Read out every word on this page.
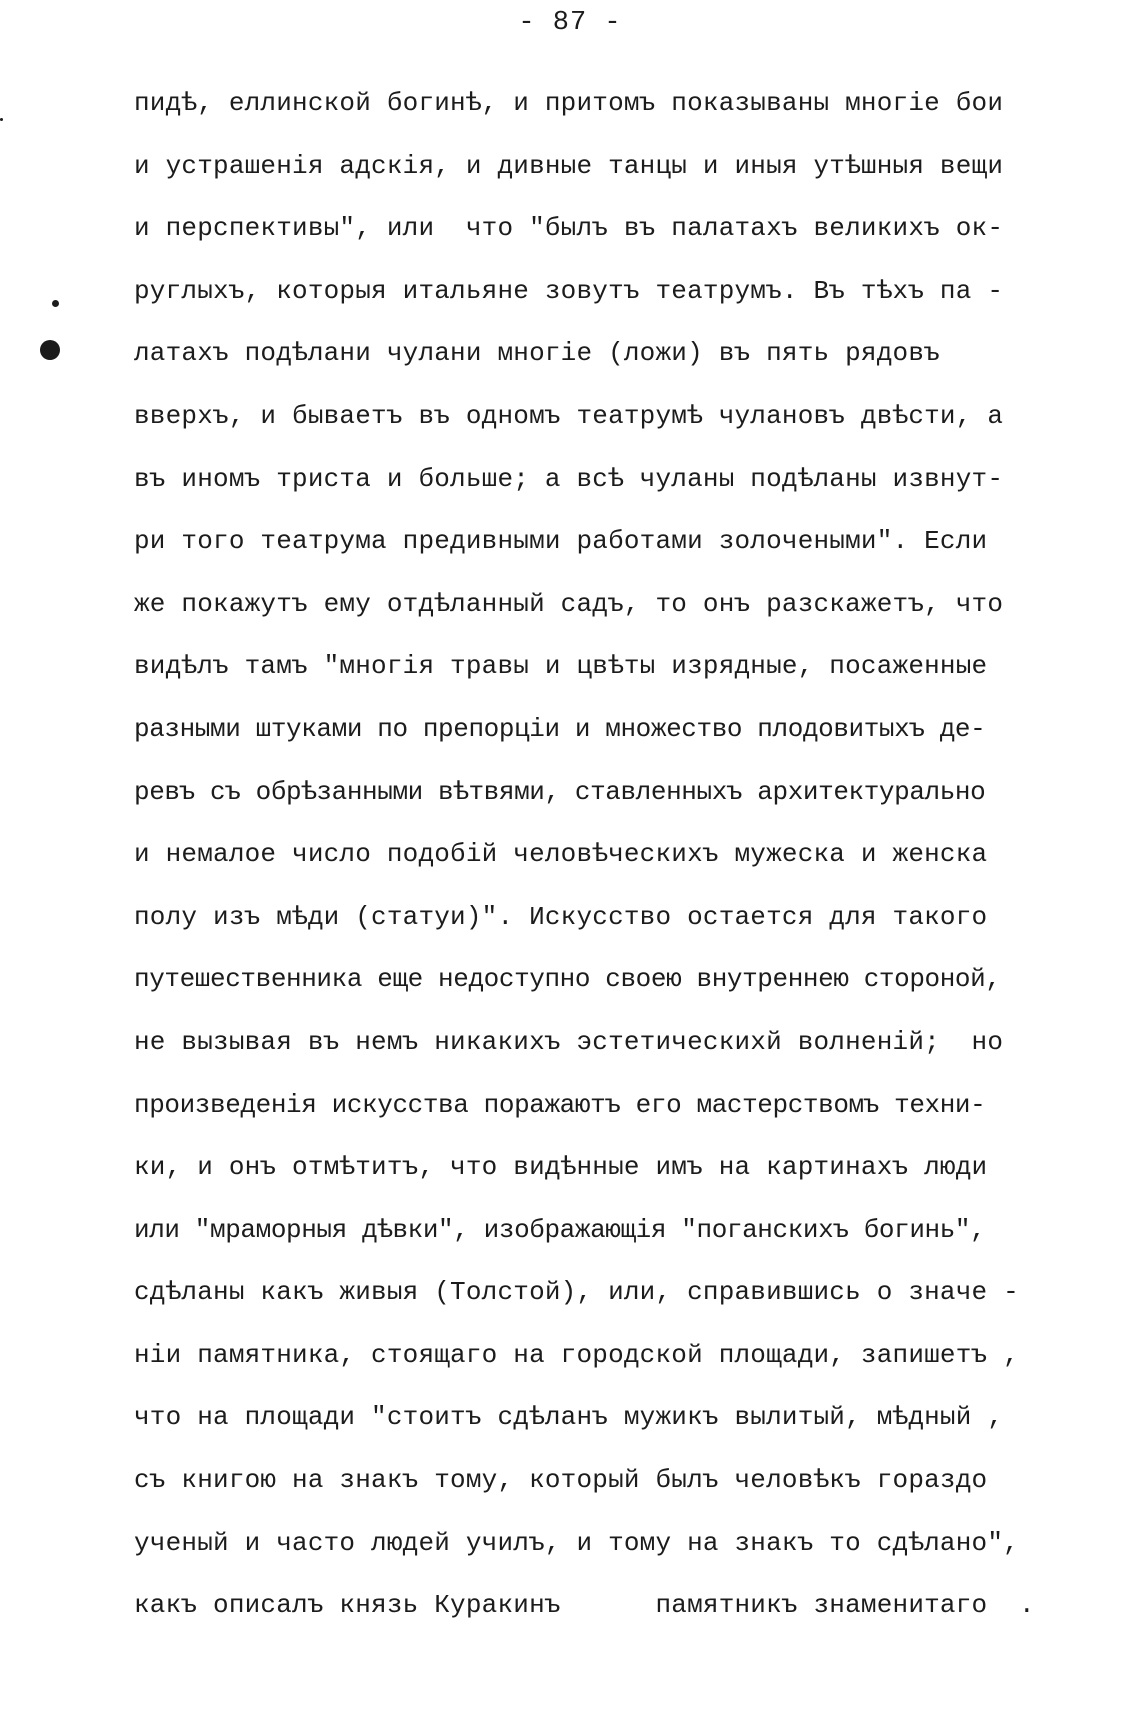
- 87 -
пидѣ, еллинской богинѣ, и притомъ показываны многiе бои
и устрашенiя адскiя, и дивные танцы и иныя утѣшныя вещи
и перспективы", или  что "былъ въ палатахъ великихъ ок-
руглыхъ, которыя итальяне зовутъ театрумъ. Въ тѣхъ па -
латахъ подѣлани чулани многiе (ложи) въ пять рядовъ
вверхъ, и бываетъ въ одномъ театрумѣ чулановъ двѣсти, а
въ иномъ триста и больше; а всѣ чуланы подѣланы извнут-
ри того театрума предивными работами золочеными". Если
же покажутъ ему отдѣланный садъ, то онъ разскажетъ, что
видѣлъ тамъ "многiя травы и цвѣты изрядные, посаженные
разными штуками по препорцiи и множество плодовитыхъ де-
ревъ съ обрѣзанными вѣтвями, ставленныхъ архитектурально
и немалое число подобiй человѣческихъ мужеска и женска
полу изъ мѣди (статуи)". Искусство остается для такого
путешественника еще недоступно своею внутреннею стороной,
не вызывая въ немъ никакихъ эстетическихй волненiй;  но
произведенiя искусства поражаютъ его мастерствомъ техни-
ки, и онъ отмѣтитъ, что видѣнные имъ на картинахъ люди
или "мраморныя дѣвки", изображающiя "поганскихъ богинь",
сдѣланы какъ живыя (Толстой), или, справившись о значе -
нiи памятника, стоящаго на городской площади, запишетъ ,
что на площади "стоитъ сдѣланъ мужикъ вылитый, мѣдный ,
съ книгою на знакъ тому, который былъ человѣкъ гораздо
ученый и часто людей училъ, и тому на знакъ то сдѣлано",
какъ описалъ князь Куракинъ      памятникъ знаменитаго  .
